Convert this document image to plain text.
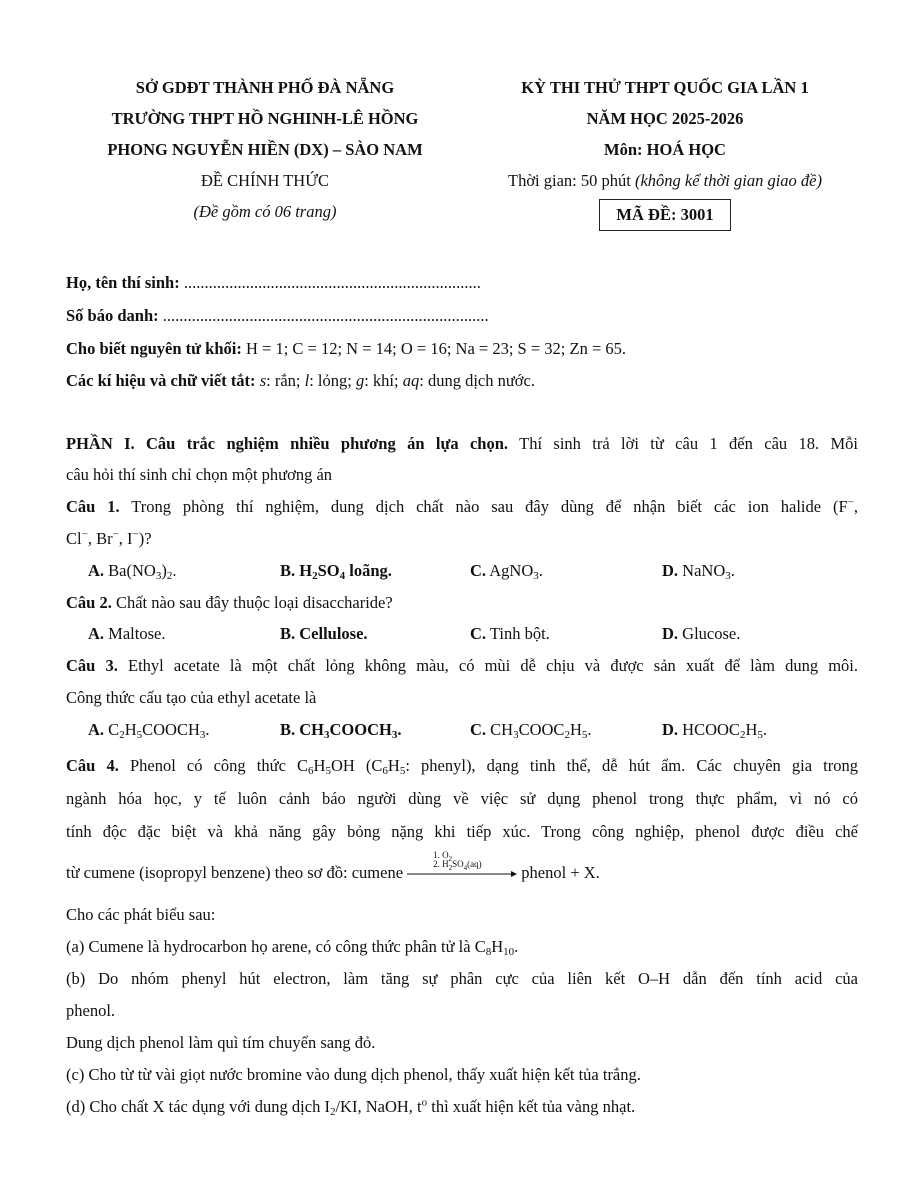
SỞ GDĐT THÀNH PHỐ ĐÀ NẴNG
TRƯỜNG THPT HỒ NGHINH-LÊ HỒNG
PHONG NGUYỄN HIỀN (DX) – SÀO NAM
ĐỀ CHÍNH THỨC
(Đề gồm có 06 trang)
KỲ THI THỬ THPT QUỐC GIA LẦN 1
NĂM HỌC 2025-2026
Môn: HOÁ HỌC
Thời gian: 50 phút (không kể thời gian giao đề)
MÃ ĐỀ: 3001
Họ, tên thí sinh: ........................................................................
Số báo danh: ...............................................................................
Cho biết nguyên tử khối: H = 1; C = 12; N = 14; O = 16; Na = 23; S = 32; Zn = 65.
Các kí hiệu và chữ viết tắt: s: rắn; l: lỏng; g: khí; aq: dung dịch nước.
PHẦN I. Câu trắc nghiệm nhiều phương án lựa chọn. Thí sinh trả lời từ câu 1 đến câu 18. Mỗi
câu hỏi thí sinh chỉ chọn một phương án
Câu 1. Trong phòng thí nghiệm, dung dịch chất nào sau đây dùng để nhận biết các ion halide (F−,
Cl−, Br−, I−)?
A. $Ba(NO_3)_2$.	B. $H_2SO_4$ loãng.	C. AgNO$_3$.	D. NaNO$_3$.
Câu 2. Chất nào sau đây thuộc loại disaccharide?
A. Maltose.	B. Cellulose.	C. Tinh bột.	D. Glucose.
Câu 3. Ethyl acetate là một chất lỏng không màu, có mùi dễ chịu và được sản xuất để làm dung môi.
Công thức cấu tạo của ethyl acetate là
A. $C_2H_5COOCH_3$.	B. $CH_3COOCH_3$.	C. $CH_3COOC_2H_5$.	D. $HCOOC_2H_5$.
Câu 4. Phenol có công thức $C_6H_5OH$ ($C_6H_5$: phenyl), dạng tinh thể, dễ hút ẩm. Các chuyên gia trong
ngành hóa học, y tế luôn cảnh báo người dùng về việc sử dụng phenol trong thực phẩm, vì nó có
tính độc đặc biệt và khả năng gây bỏng nặng khi tiếp xúc. Trong công nghiệp, phenol được điều chế
từ cumene (isopropyl benzene) theo sơ đồ: cumene
1. $O_2$
2. $H_2SO_4(aq)$ phenol + X.
Cho các phát biểu sau:
(a) Cumene là hydrocarbon họ arene, có công thức phân tử là $C_8H_{10}$.
(b) Do nhóm phenyl hút electron, làm tăng sự phân cực của liên kết O–H dẫn đến tính acid của
phenol.
Dung dịch phenol làm quì tím chuyển sang đỏ.
(c) Cho từ từ vài giọt nước bromine vào dung dịch phenol, thấy xuất hiện kết tủa trắng.
(d) Cho chất X tác dụng với dung dịch $I_2/KI$, NaOH, $t^o$ thì xuất hiện kết tủa vàng nhạt.
